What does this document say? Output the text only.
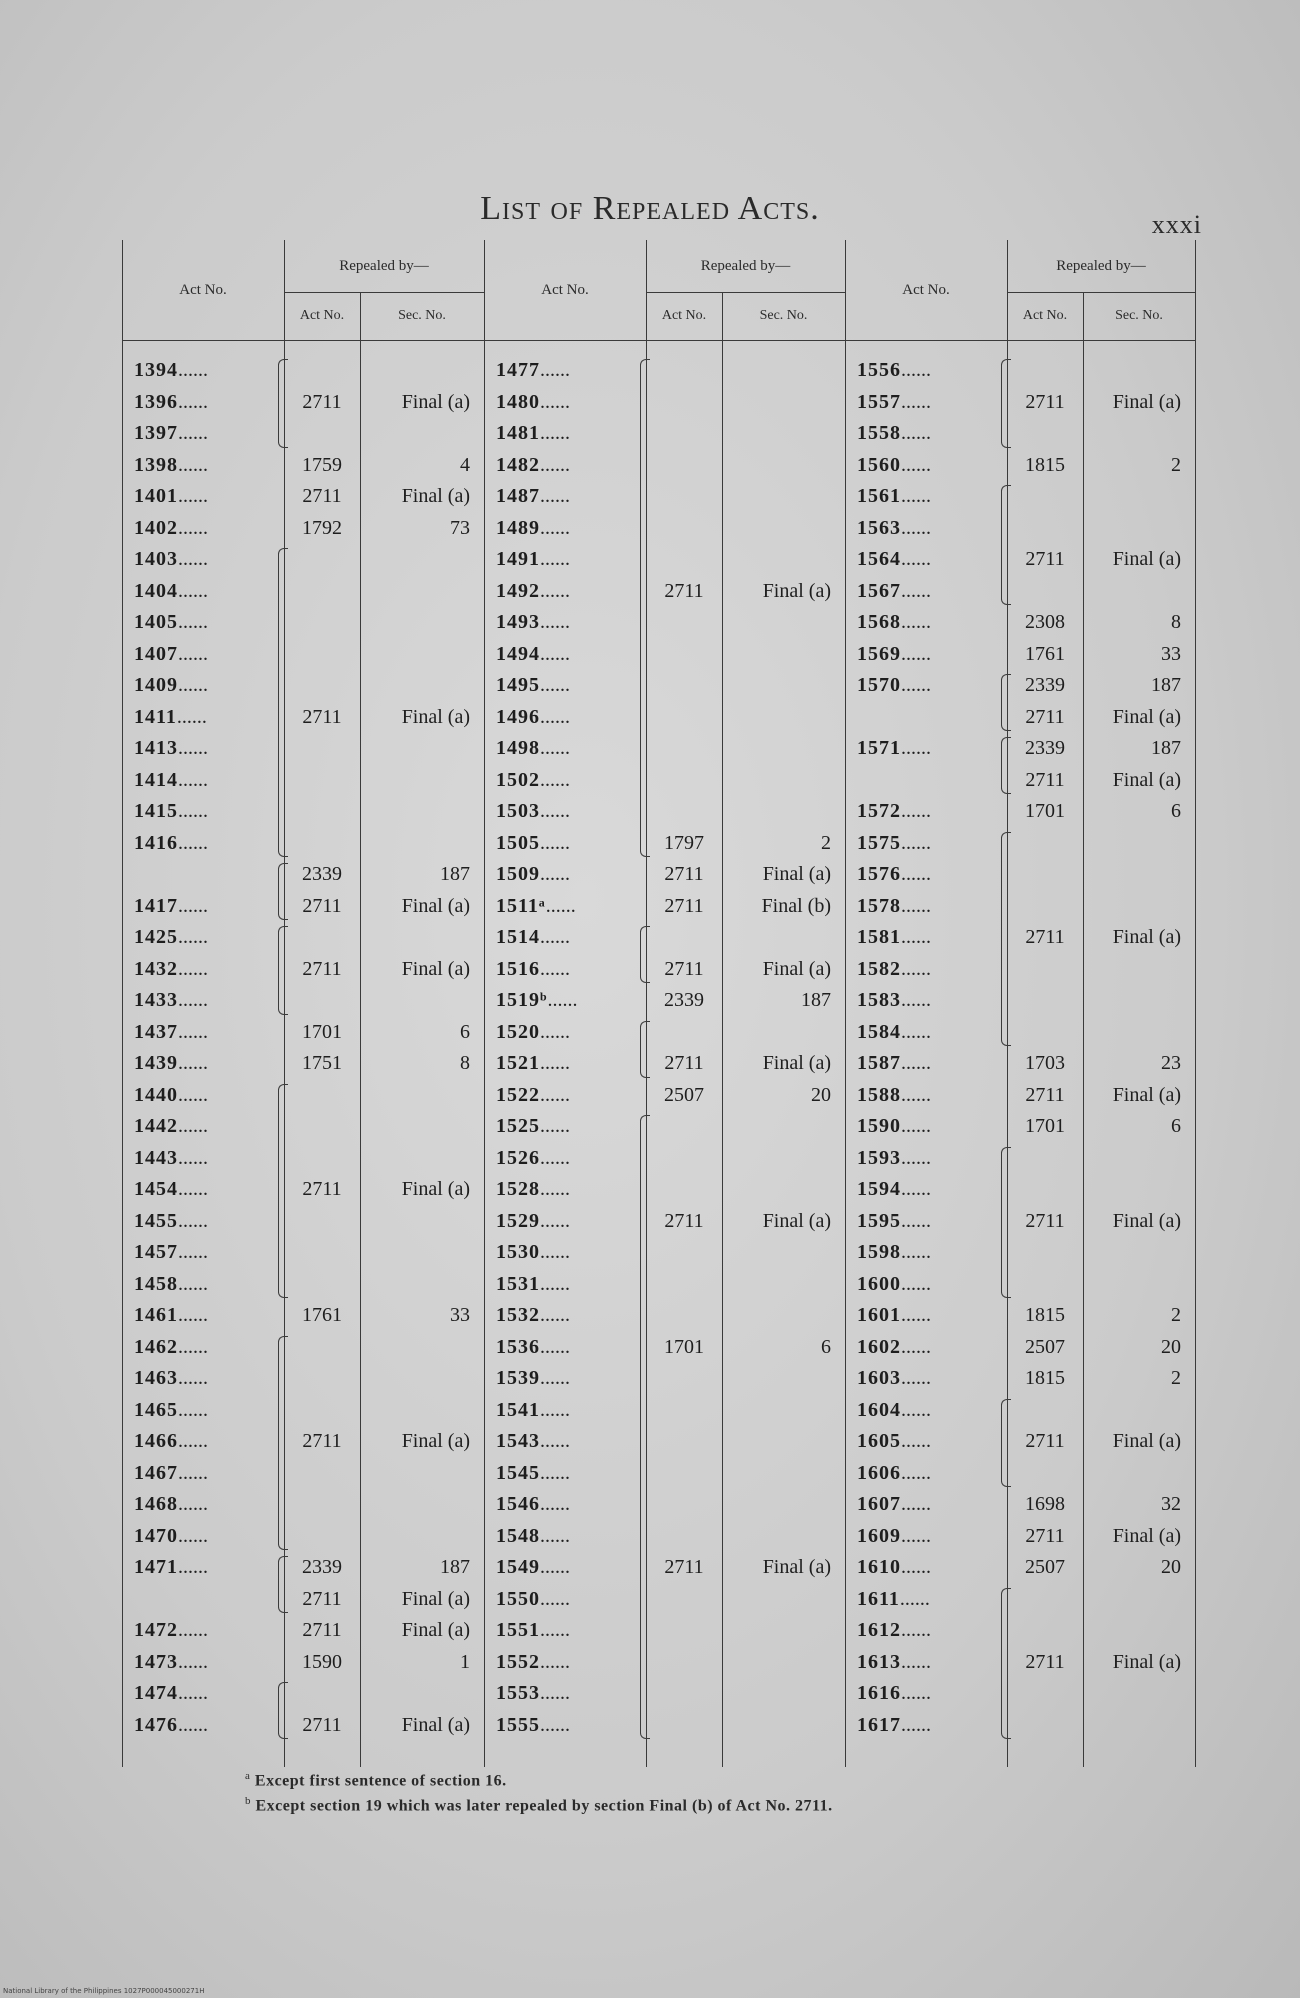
List of Repealed Acts.	xxxi
Act No.
Repealed by—
Act No.	Sec. No.
1394......
1396......	2711	Final (a)
1397......
1398......	1759	4
1401......	2711	Final (a)
1402......	1792	73
1403......
1404......
1405......
1407......
1409......
1411......	2711	Final (a)
1413......
1414......
1415......
1416......
2339	187
1417......	2711	Final (a)
1425......
1432......	2711	Final (a)
1433......
1437......	1701	6
1439......	1751	8
1440......
1442......
1443......
1454......	2711	Final (a)
1455......
1457......
1458......
1461......	1761	33
1462......
1463......
1465......
1466......	2711	Final (a)
1467......
1468......
1470......
1471......	2339	187
2711	Final (a)
1472......	2711	Final (a)
1473......	1590	1
1474......
1476......	2711	Final (a)
Act No.
Repealed by—
Act No.	Sec. No.
1477......
1480......
1481......
1482......
1487......
1489......
1491......
1492......	2711	Final (a)
1493......
1494......
1495......
1496......
1498......
1502......
1503......
1505......	1797	2
1509......	2711	Final (a)
1511ᵃ......	2711	Final (b)
1514......
1516......	2711	Final (a)
1519ᵇ......	2339	187
1520......
1521......	2711	Final (a)
1522......	2507	20
1525......
1526......
1528......
1529......	2711	Final (a)
1530......
1531......
1532......
1536......	1701	6
1539......
1541......
1543......
1545......
1546......
1548......
1549......	2711	Final (a)
1550......
1551......
1552......
1553......
1555......
Act No.
Repealed by—
Act No.	Sec. No.
1556......
1557......	2711	Final (a)
1558......
1560......	1815	2
1561......
1563......
1564......	2711	Final (a)
1567......
1568......	2308	8
1569......	1761	33
1570......	2339	187
2711	Final (a)
1571......	2339	187
2711	Final (a)
1572......	1701	6
1575......
1576......
1578......
1581......	2711	Final (a)
1582......
1583......
1584......
1587......	1703	23
1588......	2711	Final (a)
1590......	1701	6
1593......
1594......
1595......	2711	Final (a)
1598......
1600......
1601......	1815	2
1602......	2507	20
1603......	1815	2
1604......
1605......	2711	Final (a)
1606......
1607......	1698	32
1609......	2711	Final (a)
1610......	2507	20
1611......
1612......
1613......	2711	Final (a)
1616......
1617......
$^a$ Except first sentence of section 16.
$^b$ Except section 19 which was later repealed by section Final (b) of Act No. 2711.
National Library of the Philippines 1027P000045000271H
